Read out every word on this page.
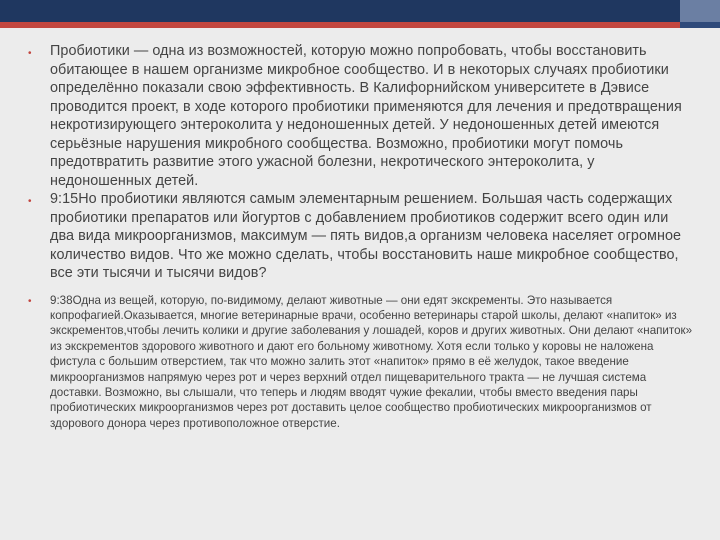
• Пробиотики — одна из возможностей, которую можно попробовать, чтобы восстановить обитающее в нашем организме микробное сообщество. И в некоторых случаях пробиотики определённо показали свою эффективность. В Калифорнийском университете в Дэвисе проводится проект, в ходе которого пробиотики применяются для лечения и предотвращения некротизирующего энтероколита у недоношенных детей. У недоношенных детей имеются серьёзные нарушения микробного сообщества. Возможно, пробиотики могут помочь предотвратить развитие этого ужасной болезни, некротического энтероколита, у недоношенных детей.
• 9:15Но пробиотики являются самым элементарным решением. Большая часть содержащих пробиотики препаратов или йогуртов с добавлением пробиотиков содержит всего один или два вида микроорганизмов, максимум — пять видов,а организм человека населяет огромное количество видов. Что же можно сделать, чтобы восстановить наше микробное сообщество, все эти тысячи и тысячи видов?
• 9:38Одна из вещей, которую, по-видимому, делают животные — они едят экскременты. Это называется копрофагией.Оказывается, многие ветеринарные врачи, особенно ветеринары старой школы, делают «напиток» из экскрементов,чтобы лечить колики и другие заболевания у лошадей, коров и других животных. Они делают «напиток» из экскрементов здорового животного и дают его больному животному. Хотя если только у коровы не наложена фистула с большим отверстием, так что можно залить этот «напиток» прямо в её желудок, такое введение микроорганизмов напрямую через рот и через верхний отдел пищеварительного тракта — не лучшая система доставки. Возможно, вы слышали, что теперь и людям вводят чужие фекалии, чтобы вместо введения пары пробиотических микроорганизмов через рот доставить целое сообщество пробиотических микроорганизмов от здорового донора через противоположное отверстие.
